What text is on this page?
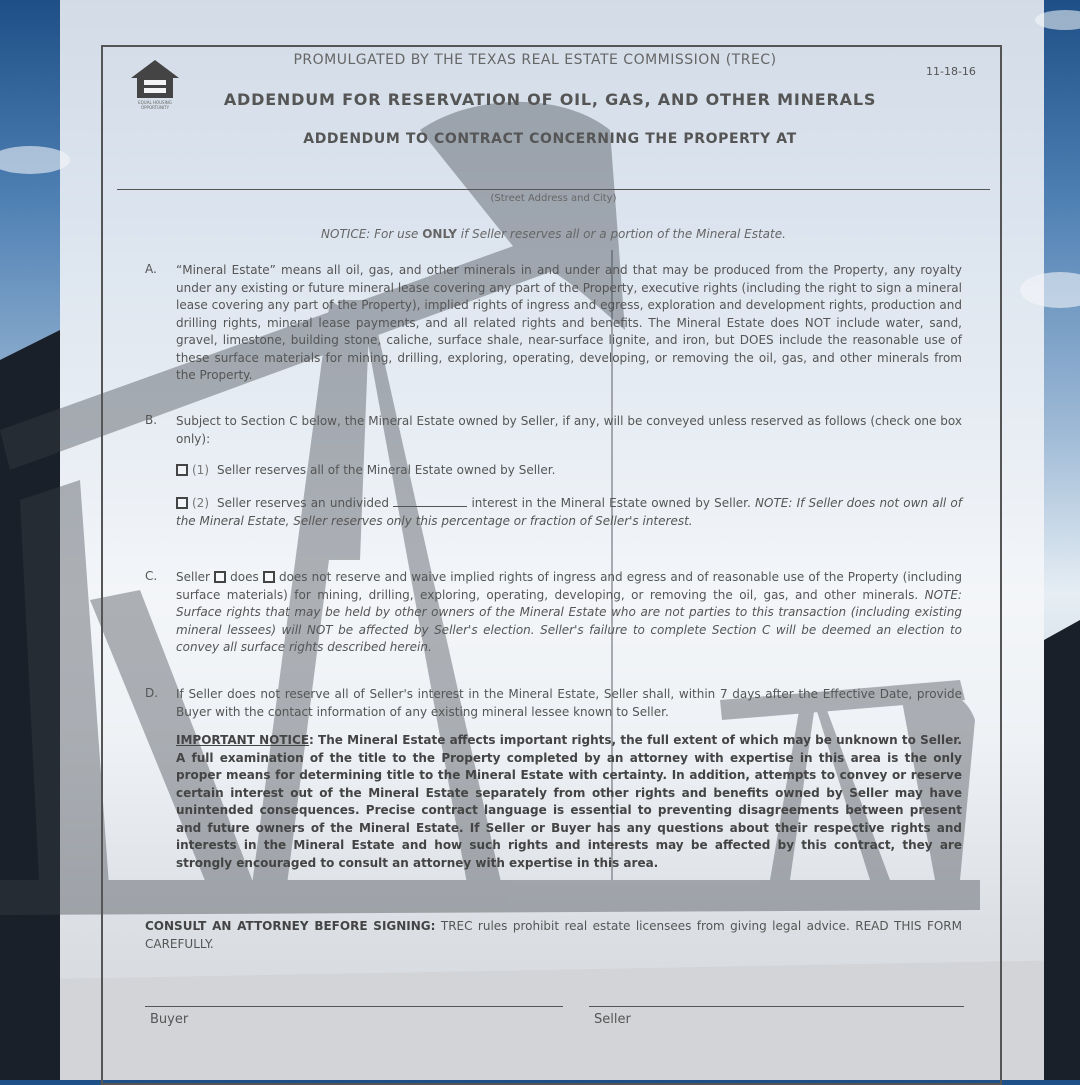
EQUAL HOUSING OPPORTUNITY
PROMULGATED BY THE TEXAS REAL ESTATE COMMISSION (TREC)
11-18-16
ADDENDUM FOR RESERVATION OF OIL, GAS, AND OTHER MINERALS
ADDENDUM TO CONTRACT CONCERNING THE PROPERTY AT
(Street Address and City)
NOTICE: For use ONLY if Seller reserves all or a portion of the Mineral Estate.
A. “Mineral Estate” means all oil, gas, and other minerals in and under and that may be produced from the Property, any royalty under any existing or future mineral lease covering any part of the Property, executive rights (including the right to sign a mineral lease covering any part of the Property), implied rights of ingress and egress, exploration and development rights, production and drilling rights, mineral lease payments, and all related rights and benefits. The Mineral Estate does NOT include water, sand, gravel, limestone, building stone, caliche, surface shale, near-surface lignite, and iron, but DOES include the reasonable use of these surface materials for mining, drilling, exploring, operating, developing, or removing the oil, gas, and other minerals from the Property.
B. Subject to Section C below, the Mineral Estate owned by Seller, if any, will be conveyed unless reserved as follows (check one box only):
(1) Seller reserves all of the Mineral Estate owned by Seller.
(2) Seller reserves an undivided	interest in the Mineral Estate owned by Seller. NOTE: If Seller does not own all of the Mineral Estate, Seller reserves only this percentage or fraction of Seller's interest.
C. Seller does does not reserve and waive implied rights of ingress and egress and of reasonable use of the Property (including surface materials) for mining, drilling, exploring, operating, developing, or removing the oil, gas, and other minerals. NOTE: Surface rights that may be held by other owners of the Mineral Estate who are not parties to this transaction (including existing mineral lessees) will NOT be affected by Seller's election. Seller's failure to complete Section C will be deemed an election to convey all surface rights described herein.
D. If Seller does not reserve all of Seller's interest in the Mineral Estate, Seller shall, within 7 days after the Effective Date, provide Buyer with the contact information of any existing mineral lessee known to Seller.
IMPORTANT NOTICE: The Mineral Estate affects important rights, the full extent of which may be unknown to Seller. A full examination of the title to the Property completed by an attorney with expertise in this area is the only proper means for determining title to the Mineral Estate with certainty. In addition, attempts to convey or reserve certain interest out of the Mineral Estate separately from other rights and benefits owned by Seller may have unintended consequences. Precise contract language is essential to preventing disagreements between present and future owners of the Mineral Estate. If Seller or Buyer has any questions about their respective rights and interests in the Mineral Estate and how such rights and interests may be affected by this contract, they are strongly encouraged to consult an attorney with expertise in this area.
CONSULT AN ATTORNEY BEFORE SIGNING: TREC rules prohibit real estate licensees from giving legal advice. READ THIS FORM CAREFULLY.
Buyer	Seller
